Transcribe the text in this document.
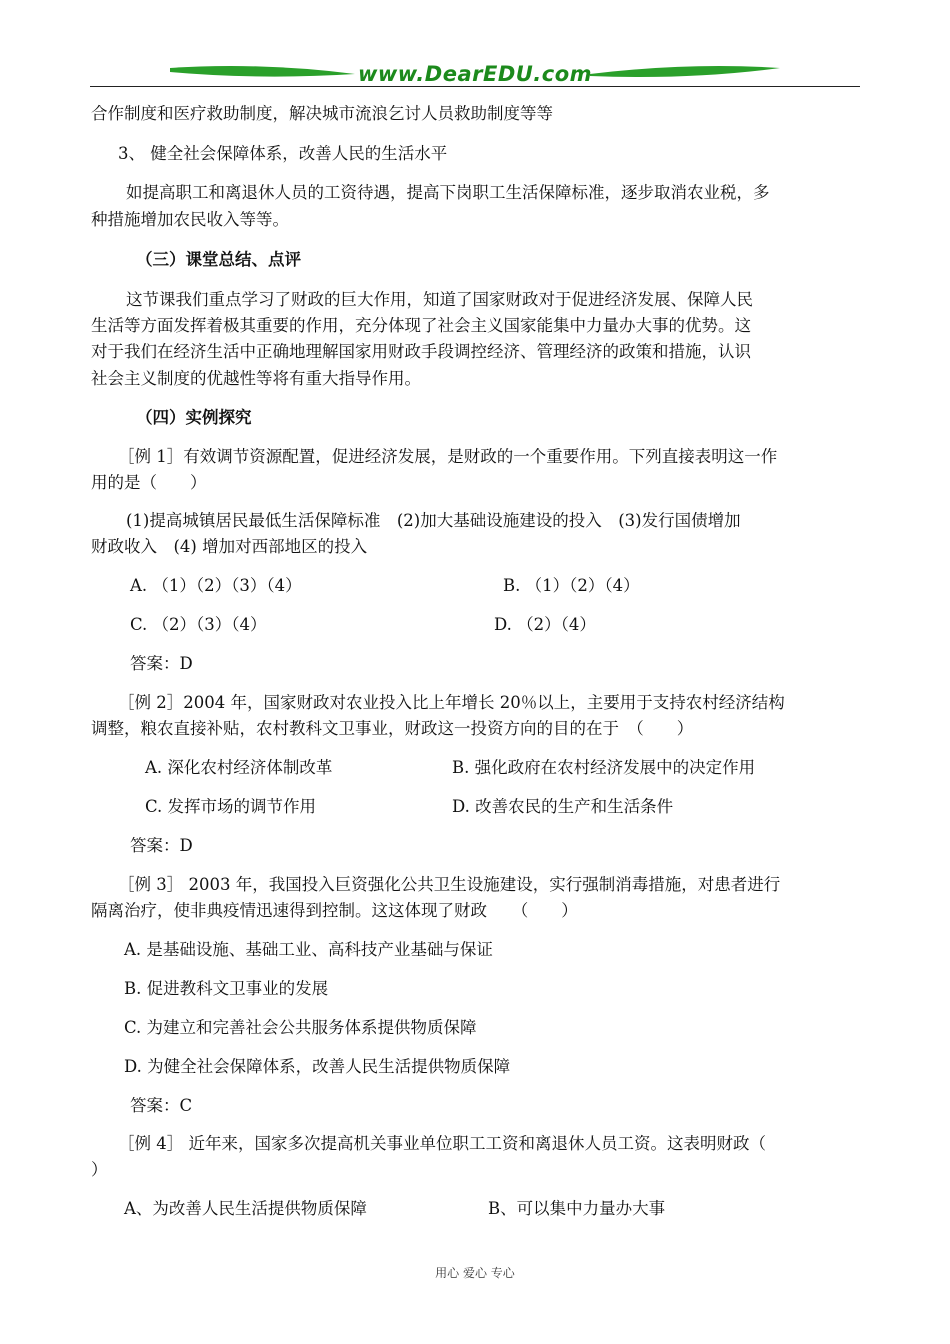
www.DearEDU.com
合作制度和医疗救助制度，解决城市流浪乞讨人员救助制度等等
3、 健全社会保障体系，改善人民的生活水平
如提高职工和离退休人员的工资待遇，提高下岗职工生活保障标准，逐步取消农业税，多
种措施增加农民收入等等。
（三）课堂总结、点评
这节课我们重点学习了财政的巨大作用，知道了国家财政对于促进经济发展、保障人民
生活等方面发挥着极其重要的作用，充分体现了社会主义国家能集中力量办大事的优势。这
对于我们在经济生活中正确地理解国家用财政手段调控经济、管理经济的政策和措施，认识
社会主义制度的优越性等将有重大指导作用。
（四）实例探究
［例 1］有效调节资源配置，促进经济发展，是财政的一个重要作用。下列直接表明这一作
用的是（　　）
(1)提高城镇居民最低生活保障标准　(2)加大基础设施建设的投入　(3)发行国债增加
财政收入　(4) 增加对西部地区的投入
A. （1）（2）（3）（4）	B. （1）（2）（4）
C. （2）（3）（4）	D. （2）（4）
答案：D
［例 2］2004 年，国家财政对农业投入比上年增长 20％以上，主要用于支持农村经济结构
调整，粮农直接补贴，农村教科文卫事业，财政这一投资方向的目的在于　（　　）
A. 深化农村经济体制改革	B. 强化政府在农村经济发展中的决定作用
C. 发挥市场的调节作用	D. 改善农民的生产和生活条件
答案：D
［例 3］ 2003 年，我国投入巨资强化公共卫生设施建设，实行强制消毒措施，对患者进行
隔离治疗，使非典疫情迅速得到控制。这这体现了财政　　（　　）
A. 是基础设施、基础工业、高科技产业基础与保证
B. 促进教科文卫事业的发展
C. 为建立和完善社会公共服务体系提供物质保障
D. 为健全社会保障体系，改善人民生活提供物质保障
答案：C
［例 4］ 近年来，国家多次提高机关事业单位职工工资和离退休人员工资。这表明财政（
）
A、为改善人民生活提供物质保障	B、可以集中力量办大事
用心 爱心 专心
